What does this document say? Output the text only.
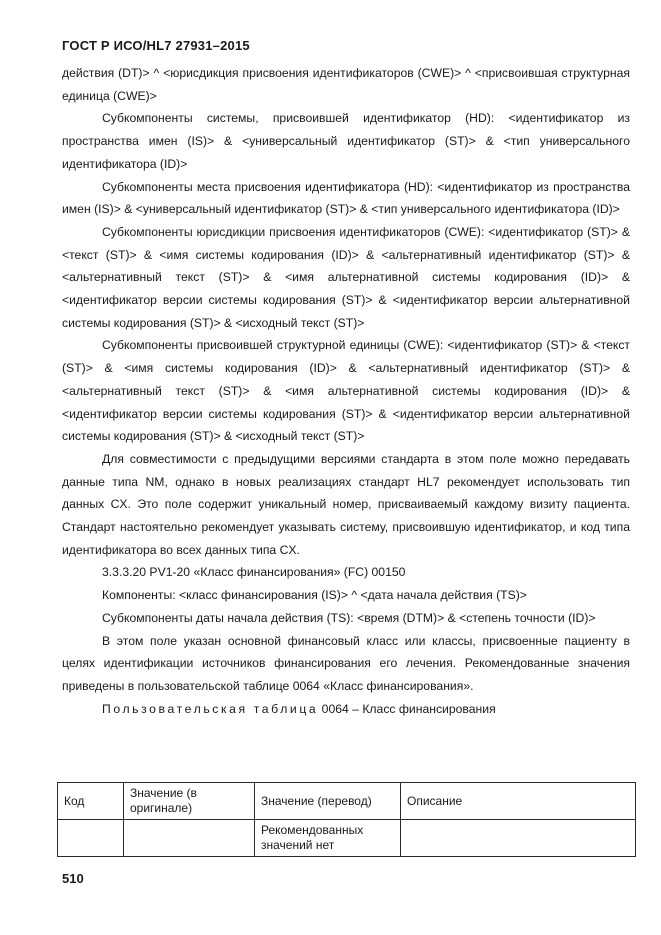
ГОСТ Р ИСО/HL7 27931–2015

действия (DT)> ^ <юрисдикция присвоения идентификаторов (CWE)> ^ <присвоившая структурная единица (CWE)>

Субкомпоненты системы, присвоившей идентификатор (HD): <идентификатор из пространства имен (IS)> & <универсальный идентификатор (ST)> & <тип универсального идентификатора (ID)>

Субкомпоненты места присвоения идентификатора (HD): <идентификатор из пространства имен (IS)> & <универсальный идентификатор (ST)> & <тип универсального идентификатора (ID)>

Субкомпоненты юрисдикции присвоения идентификаторов (CWE): <идентификатор (ST)> & <текст (ST)> & <имя системы кодирования (ID)> & <альтернативный идентификатор (ST)> & <альтернативный текст (ST)> & <имя альтернативной системы кодирования (ID)> & <идентификатор версии системы кодирования (ST)> & <идентификатор версии альтернативной системы кодирования (ST)> & <исходный текст (ST)>

Субкомпоненты присвоившей структурной единицы (CWE): <идентификатор (ST)> & <текст (ST)> & <имя системы кодирования (ID)> & <альтернативный идентификатор (ST)> & <альтернативный текст (ST)> & <имя альтернативной системы кодирования (ID)> & <идентификатор версии системы кодирования (ST)> & <идентификатор версии альтернативной системы кодирования (ST)> & <исходный текст (ST)>

Для совместимости с предыдущими версиями стандарта в этом поле можно передавать данные типа NM, однако в новых реализациях стандарт HL7 рекомендует использовать тип данных CX. Это поле содержит уникальный номер, присваиваемый каждому визиту пациента. Стандарт настоятельно рекомендует указывать систему, присвоившую идентификатор, и код типа идентификатора во всех данных типа CX.

3.3.3.20 PV1-20 «Класс финансирования» (FC) 00150

Компоненты: <класс финансирования (IS)> ^ <дата начала действия (TS)>

Субкомпоненты даты начала действия (TS): <время (DTM)> & <степень точности (ID)>

В этом поле указан основной финансовый класс или классы, присвоенные пациенту в целях идентификации источников финансирования его лечения. Рекомендованные значения приведены в пользовательской таблице 0064 «Класс финансирования».

Пользовательская таблица 0064 – Класс финансирования

Код	Значение (в оригинале)	Значение (перевод)	Описание
		Рекомендованных значений нет	
510
